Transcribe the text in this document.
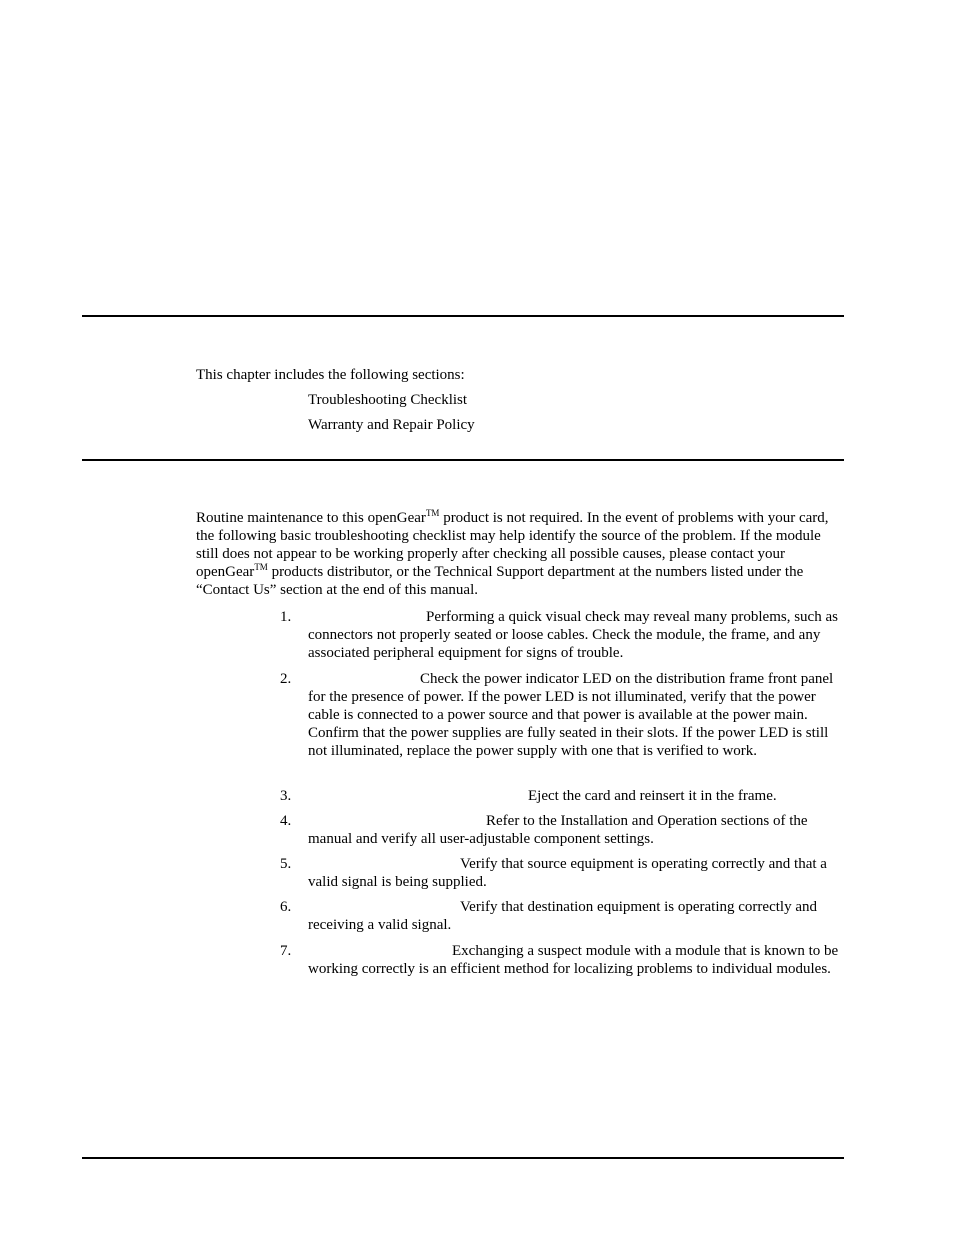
This chapter includes the following sections:
Troubleshooting Checklist
Warranty and Repair Policy

Routine maintenance to this openGear™ product is not required. In the event of problems with your card, the following basic troubleshooting checklist may help identify the source of the problem. If the module still does not appear to be working properly after checking all possible causes, please contact your openGear™ products distributor, or the Technical Support department at the numbers listed under the “Contact Us” section at the end of this manual.

1.	Performing a quick visual check may reveal many problems, such as connectors not properly seated or loose cables. Check the module, the frame, and any associated peripheral equipment for signs of trouble.
2.	Check the power indicator LED on the distribution frame front panel for the presence of power. If the power LED is not illuminated, verify that the power cable is connected to a power source and that power is available at the power main. Confirm that the power supplies are fully seated in their slots. If the power LED is still not illuminated, replace the power supply with one that is verified to work.
3.	Eject the card and reinsert it in the frame.
4.	Refer to the Installation and Operation sections of the manual and verify all user-adjustable component settings.
5.	Verify that source equipment is operating correctly and that a valid signal is being supplied.
6.	Verify that destination equipment is operating correctly and receiving a valid signal.
7.	Exchanging a suspect module with a module that is known to be working correctly is an efficient method for localizing problems to individual modules.
